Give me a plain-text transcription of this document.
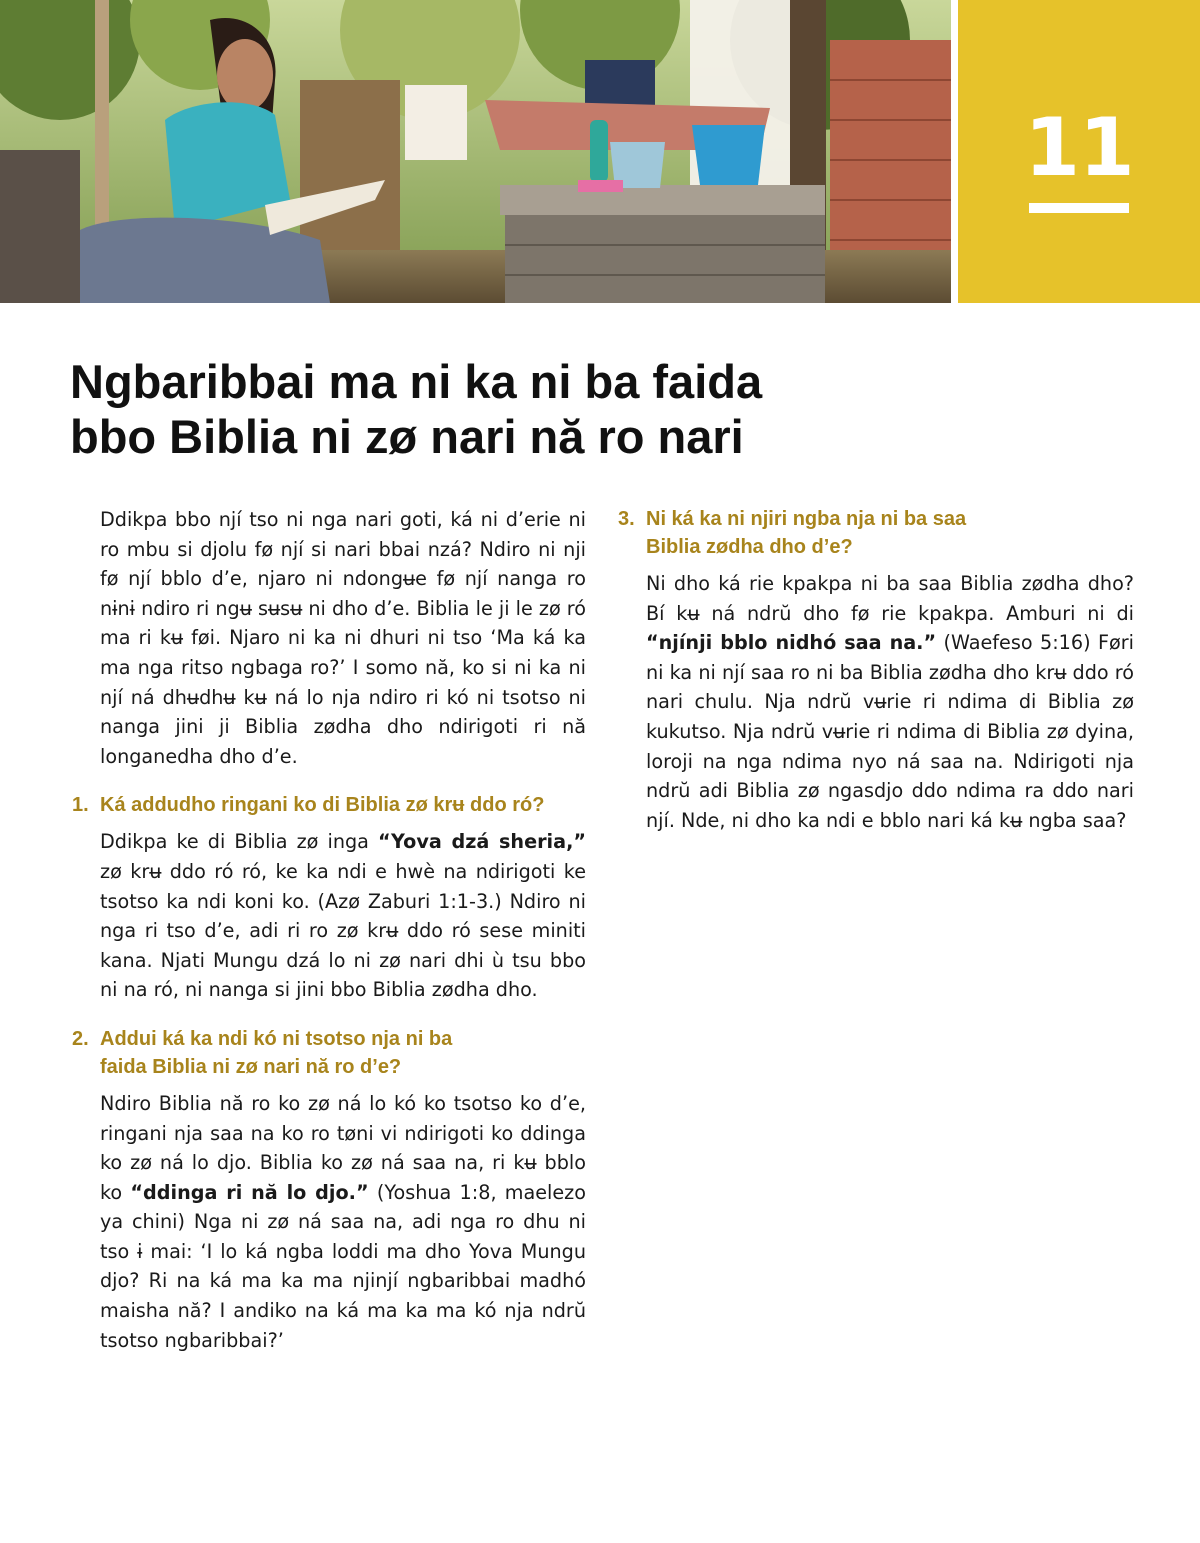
11
Ngbaribbai ma ni ka ni ba faida
bbo Biblia ni zø nari nă ro nari

Ddikpa bbo njí tso ni nga nari goti, ká ni d’erie ni ro mbu si djolu fø njí si nari bbai nzá? Ndiro ni nji fø njí bblo d’e, njaro ni ndongʉe fø njí nanga ro nɨnɨ ndiro ri ngʉ sʉsʉ ni dho d’e. Biblia le ji le zø ró ma ri kʉ føi. Njaro ni ka ni dhuri ni tso ‘Ma ká ka ma nga ritso ngbaga ro?’ I somo nă, ko si ni ka ni njí ná dhʉdhʉ kʉ ná lo nja ndiro ri kó ni tsotso ni nanga jini ji Biblia zødha dho ndirigoti ri nă longanedha dho d’e.

1. Ká addudho ringani ko di Biblia zø krʉ ddo ró?

Ddikpa ke di Biblia zø inga “Yova dzá sheria,” zø krʉ ddo ró ró, ke ka ndi e hwè na ndirigoti ke tsotso ka ndi koni ko. (Azø Zaburi 1:1-3.) Ndiro ni nga ri tso d’e, adi ri ro zø krʉ ddo ró sese miniti kana. Njati Mungu dzá lo ni zø nari dhi ù tsu bbo ni na ró, ni nanga si jini bbo Biblia zødha dho.

2. Addui ká ka ndi kó ni tsotso nja ni ba
faida Biblia ni zø nari nă ro d’e?

Ndiro Biblia nă ro ko zø ná lo kó ko tsotso ko d’e, ringani nja saa na ko ro tøni vi ndirigoti ko ddinga ko zø ná lo djo. Biblia ko zø ná saa na, ri kʉ bblo ko “ddinga ri nă lo djo.” (Yoshua 1:8, maelezo ya chini) Nga ni zø ná saa na, adi nga ro dhu ni tso ɨ mai: ‘I lo ká ngba loddi ma dho Yova Mungu djo? Ri na ká ma ka ma njinjí ngbaribbai madhó maisha nă? I andiko na ká ma ka ma kó nja ndrŭ tsotso ngbaribbai?’

3. Ni ká ka ni njiri ngba nja ni ba saa
Biblia zødha dho d’e?

Ni dho ká rie kpakpa ni ba saa Biblia zødha dho? Bí kʉ ná ndrŭ dho fø rie kpakpa. Amburi ni di “njínji bblo nidhó saa na.” (Waefeso 5:16) Føri ni ka ni njí saa ro ni ba Biblia zødha dho krʉ ddo ró nari chulu. Nja ndrŭ vʉrie ri ndima di Biblia zø kukutso. Nja ndrŭ vʉrie ri ndima di Biblia zø dyina, loroji na nga ndima nyo ná saa na. Ndirigoti nja ndrŭ adi Biblia zø ngasdjo ddo ndima ra ddo nari njí. Nde, ni dho ka ndi e bblo nari ká kʉ ngba saa?
